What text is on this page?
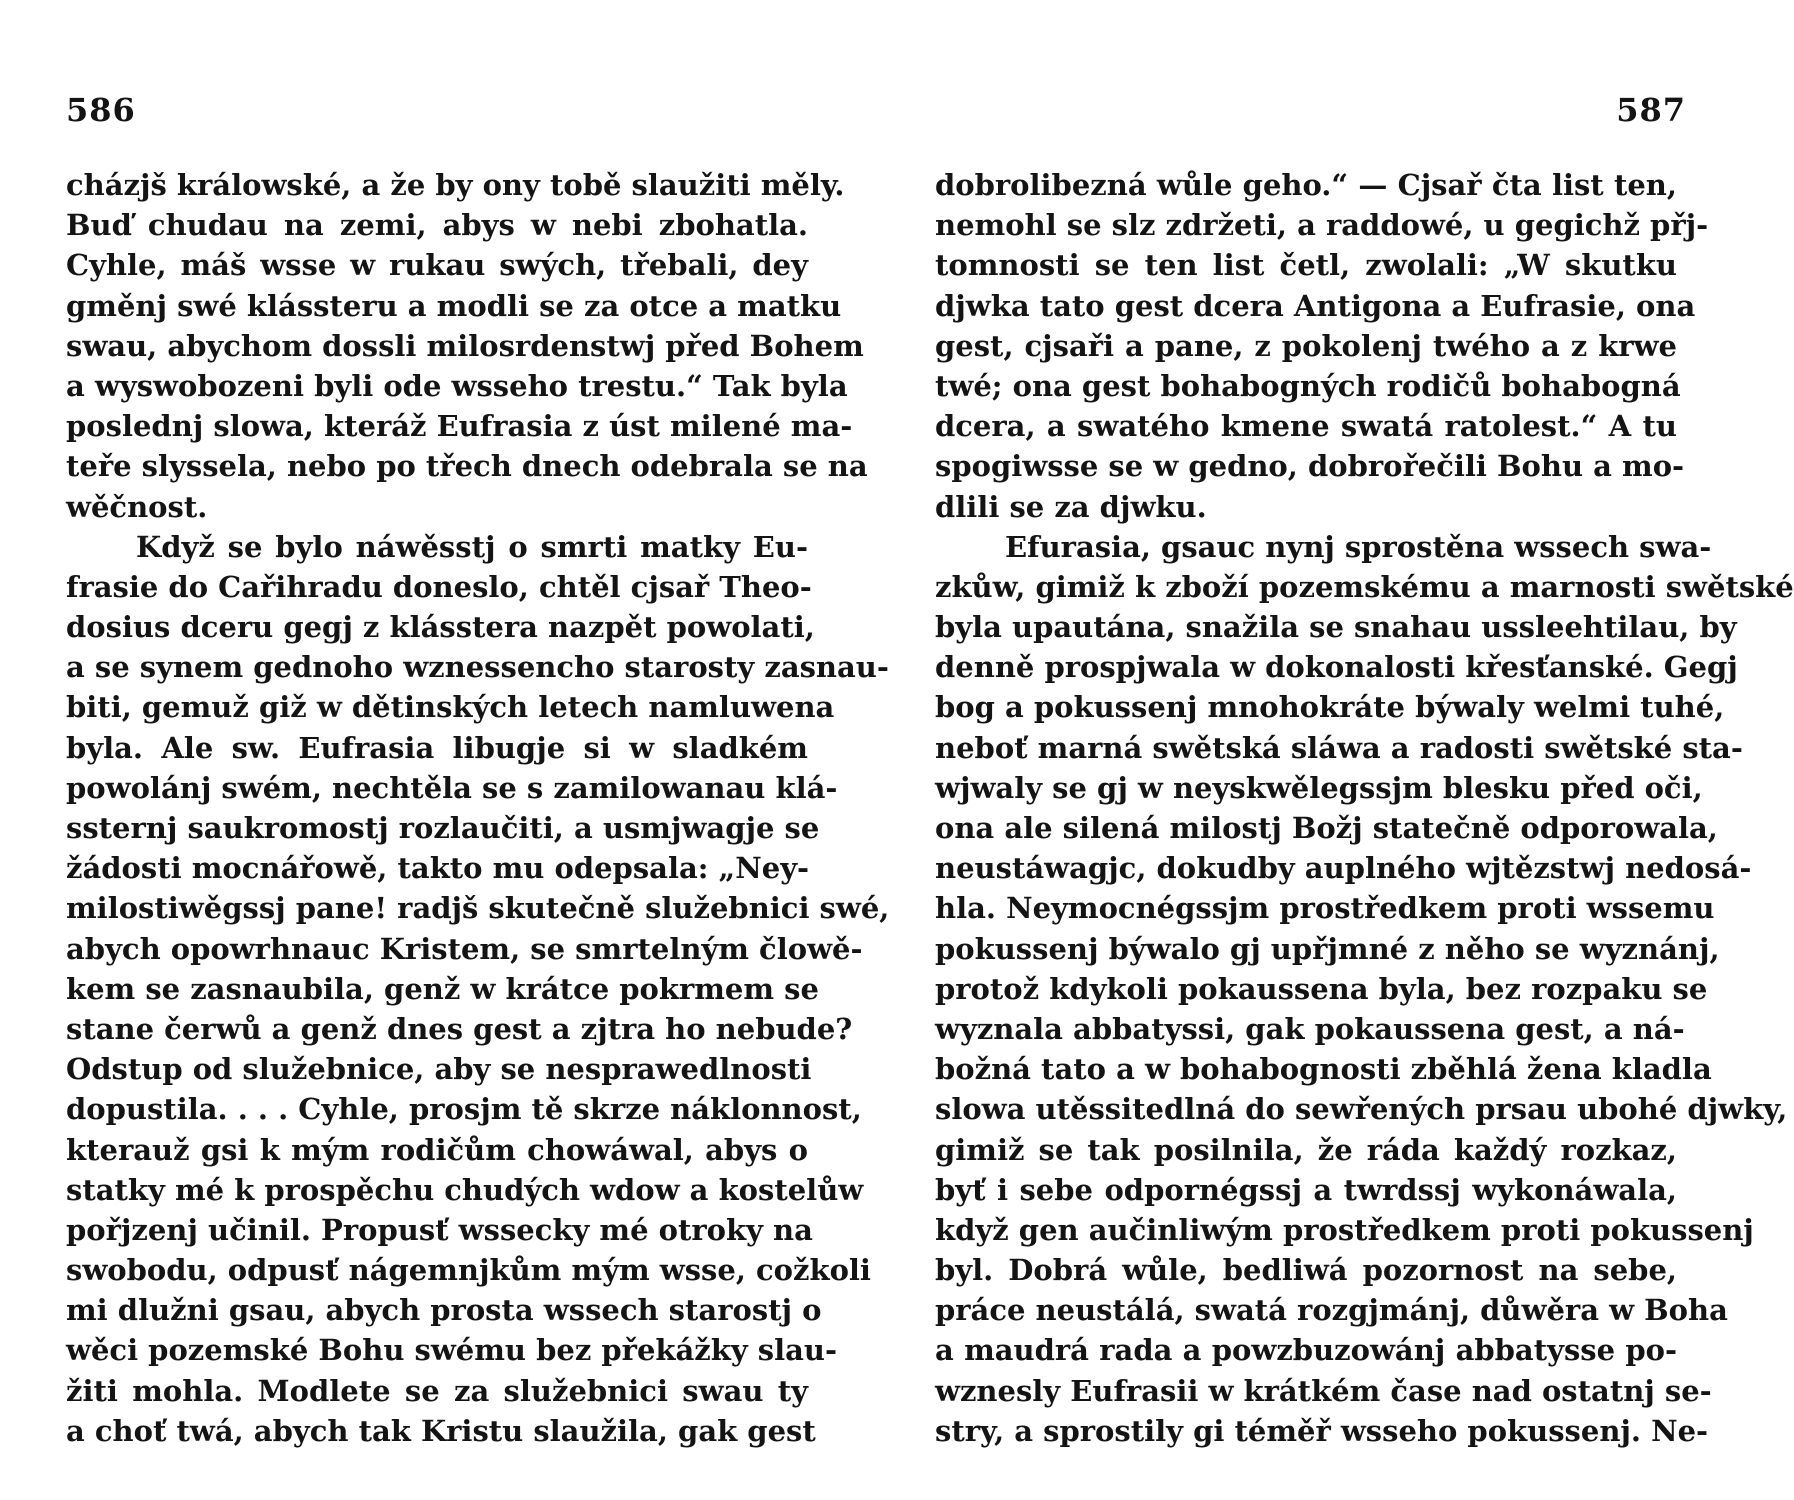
586
cházjš králowské, a že by ony tobě slaužiti měly.
Buď chudau na zemi, abys w nebi zbohatla.
Cyhle, máš wsse w rukau swých, třebali, dey
gměnj swé klássteru a modli se za otce a matku
swau, abychom dossli milosrdenstwj před Bohem
a wyswobozeni byli ode wsseho trestu.“ Tak byla
poslednj slowa, kteráž Eufrasia z úst milené ma-
teře slyssela, nebo po třech dnech odebrala se na
wěčnost.
Když se bylo náwěsstj o smrti matky Eu-
frasie do Cařihradu doneslo, chtěl cjsař Theo-
dosius dceru gegj z klásstera nazpět powolati,
a se synem gednoho wznessencho starosty zasnau-
biti, gemuž giž w dětinských letech namluwena
byla. Ale sw. Eufrasia libugje si w sladkém
powolánj swém, nechtěla se s zamilowanau klá-
ssternj saukromostj rozlaučiti, a usmjwagje se
žádosti mocnářowě, takto mu odepsala: „Ney-
milostiwěgssj pane! radjš skutečně služebnici swé,
abych opowrhnauc Kristem, se smrtelným člowě-
kem se zasnaubila, genž w krátce pokrmem se
stane čerwů a genž dnes gest a zjtra ho nebude?
Odstup od služebnice, aby se nesprawedlnosti
dopustila. . . . Cyhle, prosjm tě skrze náklonnost,
kterauž gsi k mým rodičům chowáwal, abys o
statky mé k prospěchu chudých wdow a kostelůw
pořjzenj učinil. Propusť wssecky mé otroky na
swobodu, odpusť nágemnjkům mým wsse, cožkoli
mi dlužni gsau, abych prosta wssech starostj o
wěci pozemské Bohu swému bez překážky slau-
žiti mohla. Modlete se za služebnici swau ty
a choť twá, abych tak Kristu slaužila, gak gest
587
dobrolibezná wůle geho.“ — Cjsař čta list ten,
nemohl se slz zdržeti, a raddowé, u gegichž přj-
tomnosti se ten list četl, zwolali: „W skutku
djwka tato gest dcera Antigona a Eufrasie, ona
gest, cjsaři a pane, z pokolenj twého a z krwe
twé; ona gest bohabogných rodičů bohabogná
dcera, a swatého kmene swatá ratolest.“ A tu
spogiwsse se w gedno, dobrořečili Bohu a mo-
dlili se za djwku.
Efurasia, gsauc nynj sprostěna wssech swa-
zkůw, gimiž k zboží pozemskému a marnosti swětské
byla upautána, snažila se snahau ussleehtilau, by
denně prospjwala w dokonalosti křesťanské. Gegj
bog a pokussenj mnohokráte býwaly welmi tuhé,
neboť marná swětská sláwa a radosti swětské sta-
wjwaly se gj w neyskwělegssjm blesku před oči,
ona ale silená milostj Božj statečně odporowala,
neustáwagjc, dokudby auplného wjtězstwj nedosá-
hla. Neymocnégssjm prostředkem proti wssemu
pokussenj býwalo gj upřjmné z něho se wyznánj,
protož kdykoli pokaussena byla, bez rozpaku se
wyznala abbatyssi, gak pokaussena gest, a ná-
božná tato a w bohabognosti zběhlá žena kladla
slowa utěssitedlná do sewřených prsau ubohé djwky,
gimiž se tak posilnila, že ráda každý rozkaz,
byť i sebe odpornégssj a twrdssj wykonáwala,
když gen aučinliwým prostředkem proti pokussenj
byl. Dobrá wůle, bedliwá pozornost na sebe,
práce neustálá, swatá rozgjmánj, důwěra w Boha
a maudrá rada a powzbuzowánj abbatysse po-
wznesly Eufrasii w krátkém čase nad ostatnj se-
stry, a sprostily gi téměř wsseho pokussenj. Ne-
